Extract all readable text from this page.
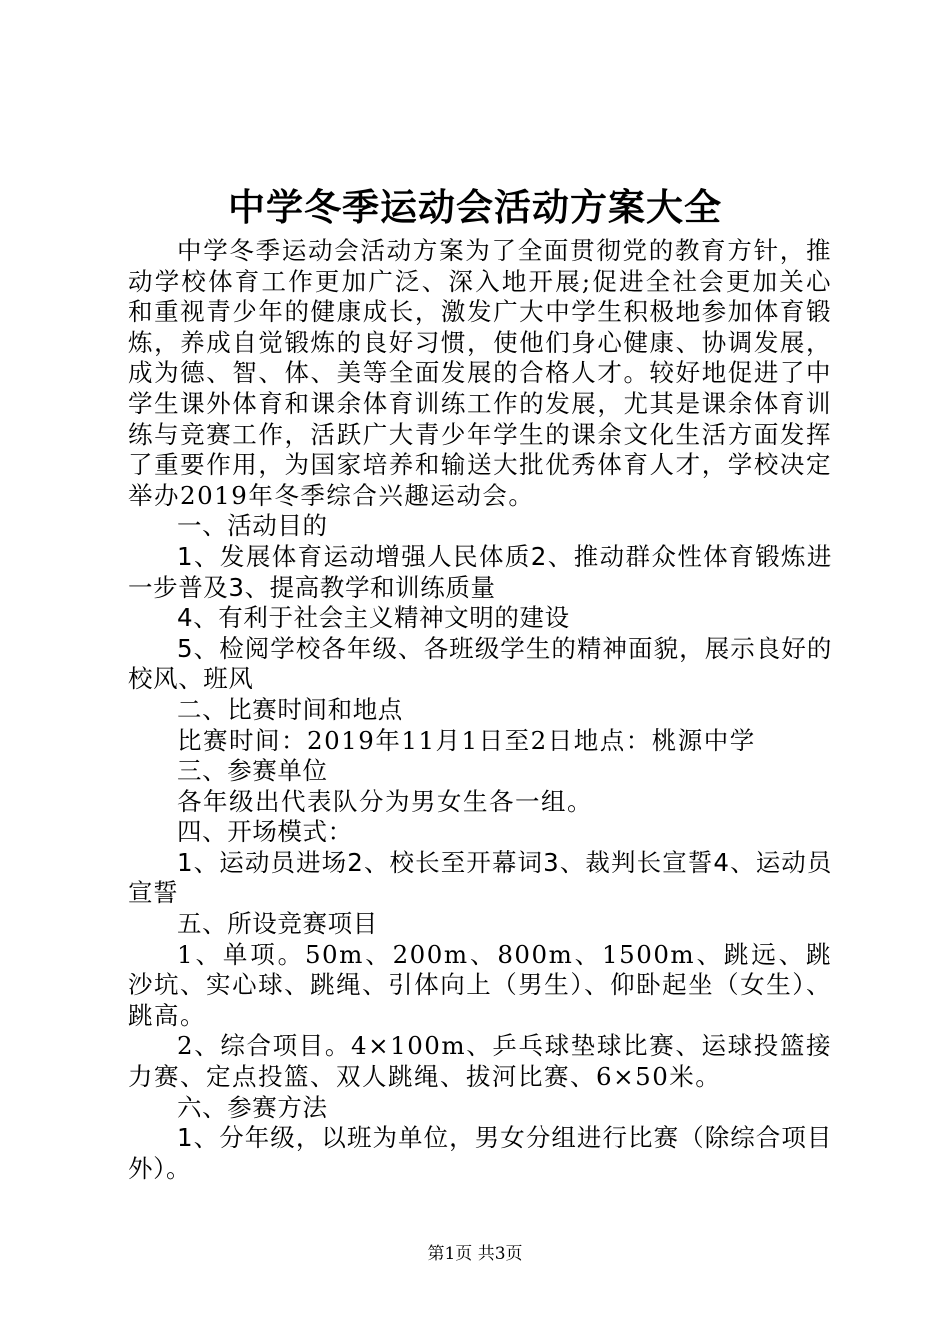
中学冬季运动会活动方案大全

中学冬季运动会活动方案为了全面贯彻党的教育方针，推动学校体育工作更加广泛、深入地开展;促进全社会更加关心和重视青少年的健康成长，激发广大中学生积极地参加体育锻炼，养成自觉锻炼的良好习惯，使他们身心健康、协调发展，成为德、智、体、美等全面发展的合格人才。较好地促进了中学生课外体育和课余体育训练工作的发展，尤其是课余体育训练与竞赛工作，活跃广大青少年学生的课余文化生活方面发挥了重要作用，为国家培养和输送大批优秀体育人才，学校决定举办2019年冬季综合兴趣运动会。

一、活动目的

1、发展体育运动增强人民体质2、推动群众性体育锻炼进一步普及3、提高教学和训练质量

4、有利于社会主义精神文明的建设

5、检阅学校各年级、各班级学生的精神面貌，展示良好的校风、班风

二、比赛时间和地点

比赛时间：2019年11月1日至2日地点：桃源中学

三、参赛单位

各年级出代表队分为男女生各一组。

四、开场模式：

1、运动员进场2、校长至开幕词3、裁判长宣誓4、运动员宣誓

五、所设竞赛项目

1、单项。50m、200m、800m、1500m、跳远、跳沙坑、实心球、跳绳、引体向上（男生）、仰卧起坐（女生）、跳高。

2、综合项目。4×100m、乒乓球垫球比赛、运球投篮接力赛、定点投篮、双人跳绳、拔河比赛、6×50米。

六、参赛方法

1、分年级，以班为单位，男女分组进行比赛（除综合项目外）。

第1页 共3页
